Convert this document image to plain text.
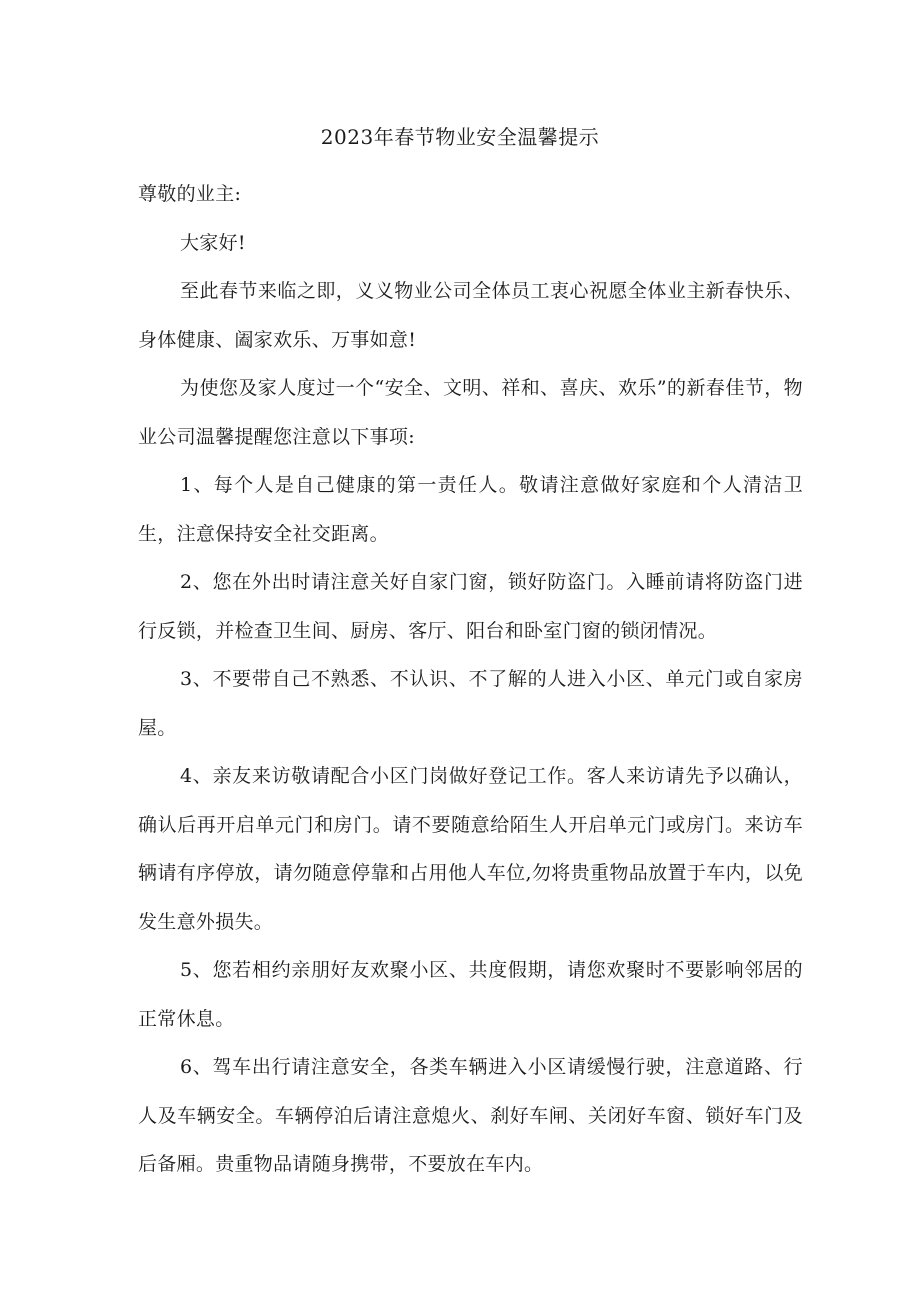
2023年春节物业安全温馨提示

尊敬的业主:

大家好!

至此春节来临之即，义义物业公司全体员工衷心祝愿全体业主新春快乐、身体健康、阖家欢乐、万事如意!

为使您及家人度过一个“安全、文明、祥和、喜庆、欢乐”的新春佳节，物业公司温馨提醒您注意以下事项:

1、每个人是自己健康的第一责任人。敬请注意做好家庭和个人清洁卫生，注意保持安全社交距离。

2、您在外出时请注意关好自家门窗，锁好防盗门。入睡前请将防盗门进行反锁，并检查卫生间、厨房、客厅、阳台和卧室门窗的锁闭情况。

3、不要带自己不熟悉、不认识、不了解的人进入小区、单元门或自家房屋。

4、亲友来访敬请配合小区门岗做好登记工作。客人来访请先予以确认，确认后再开启单元门和房门。请不要随意给陌生人开启单元门或房门。来访车辆请有序停放，请勿随意停靠和占用他人车位,勿将贵重物品放置于车内，以免发生意外损失。

5、您若相约亲朋好友欢聚小区、共度假期，请您欢聚时不要影响邻居的正常休息。

6、驾车出行请注意安全，各类车辆进入小区请缓慢行驶，注意道路、行人及车辆安全。车辆停泊后请注意熄火、刹好车闸、关闭好车窗、锁好车门及后备厢。贵重物品请随身携带，不要放在车内。
